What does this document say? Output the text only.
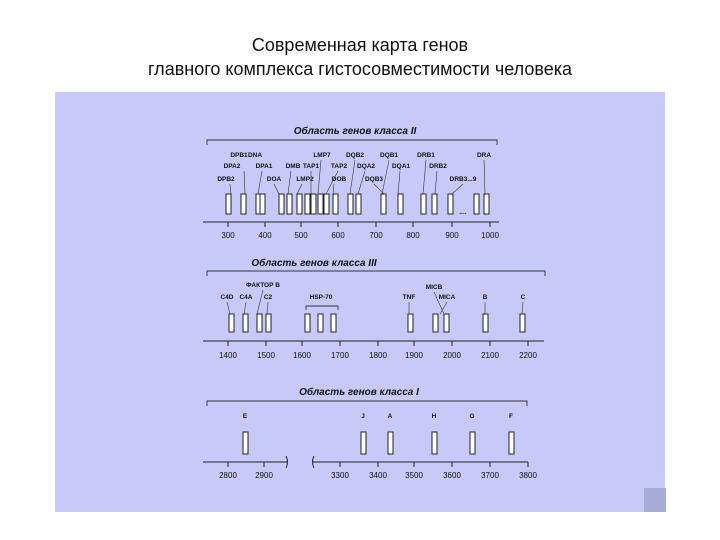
Современная карта генов
главного комплекса гистосовместимости человека
Область генов класса II
DPB1 DNA	LMP7 DQB2 DQB1	DRB1	DRA
DPA2 DPA1 DMB TAP1 TAP2 DQA2	DQA1	DRB2
DPB2	DOA LMP2	DOB	DQB3	DRB3...9
....
300	400	500	600	700	800	900	1000
Область генов класса III
ФАКТОР В	MICB
C4D C4A C2	HSP-70	TNF	MICA	B	C
1400	1500 1600	1700	1800 1900	2000	2100	2200
Область генов класса I
E	J	A	H	G	F
2800 2900	3300	3400 3500	3600	3700	3800
